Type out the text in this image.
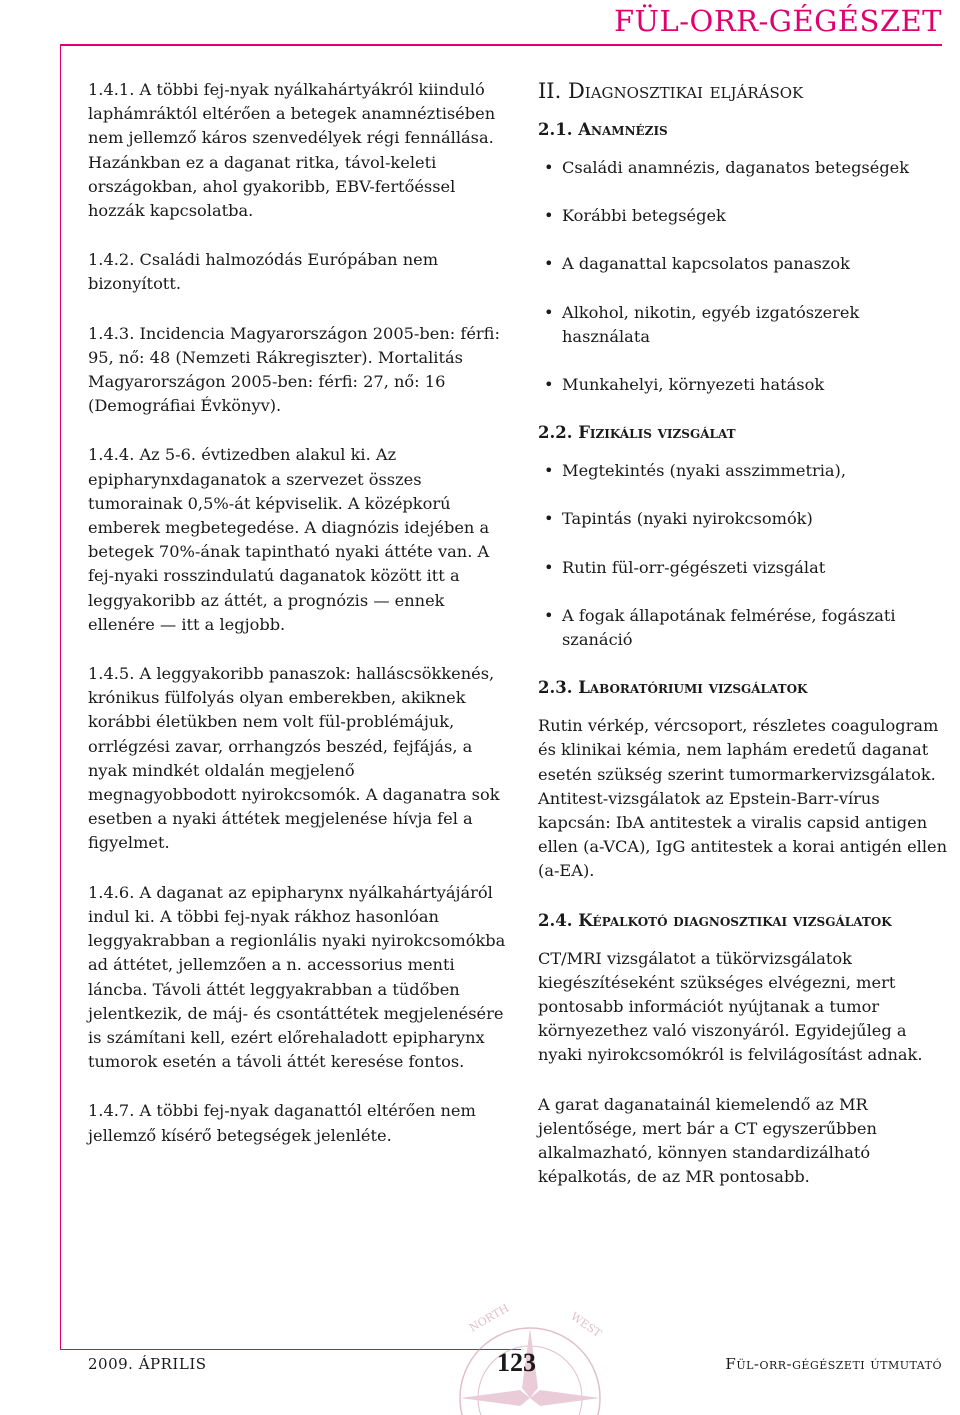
FÜL-ORR-GÉGÉSZET

1.4.1. A többi fej-nyak nyálkahártyákról kiinduló laphámráktól eltérően a betegek anamnéztisében nem jellemző káros szenvedélyek régi fennállása. Hazánkban ez a daganat ritka, távol-keleti országokban, ahol gyakoribb, EBV-fertőéssel hozzák kapcsolatba.

1.4.2. Családi halmozódás Európában nem bizonyított.

1.4.3. Incidencia Magyarországon 2005-ben: férfi: 95, nő: 48 (Nemzeti Rákregiszter). Mortalitás Magyarországon 2005-ben: férfi: 27, nő: 16 (Demográfiai Évkönyv).

1.4.4. Az 5-6. évtizedben alakul ki. Az epipharynxdaganatok a szervezet összes tumorainak 0,5%-át képviselik. A középkorú emberek megbetegedése. A diagnózis idejében a betegek 70%-ának tapintható nyaki áttéte van. A fej-nyaki rosszindulatú daganatok között itt a leggyakoribb az áttét, a prognózis — ennek ellenére — itt a legjobb.

1.4.5. A leggyakoribb panaszok: halláscsökkenés, krónikus fülfolyás olyan emberekben, akiknek korábbi életükben nem volt fül-problémájuk, orrlégzési zavar, orrhangzós beszéd, fejfájás, a nyak mindkét oldalán megjelenő megnagyobbodott nyirokcsomók. A daganatra sok esetben a nyaki áttétek megjelenése hívja fel a figyelmet.

1.4.6. A daganat az epipharynx nyálkahártyájáról indul ki. A többi fej-nyak rákhoz hasonlóan leggyakrabban a regionlális nyaki nyirokcsomókba ad áttétet, jellemzően a n. accessorius menti láncba. Távoli áttét leggyakrabban a tüdőben jelentkezik, de máj- és csontáttétek megjelenésére is számítani kell, ezért előrehaladott epipharynx tumorok esetén a távoli áttét keresése fontos.

1.4.7. A többi fej-nyak daganattól eltérően nem jellemző kísérő betegségek jelenléte.

II. Diagnosztikai eljárások
2.1. Anamnézis
• Családi anamnézis, daganatos betegségek
• Korábbi betegségek
• A daganattal kapcsolatos panaszok
• Alkohol, nikotin, egyéb izgatószerek használata
• Munkahelyi, környezeti hatások
2.2. Fizikális vizsgálat
• Megtekintés (nyaki asszimmetria),
• Tapintás (nyaki nyirokcsomók)
• Rutin fül-orr-gégészeti vizsgálat
• A fogak állapotának felmérése, fogászati szanáció
2.3. Laboratóriumi vizsgálatok

Rutin vérkép, vércsoport, részletes coagulogram és klinikai kémia, nem laphám eredetű daganat esetén szükség szerint tumormarkervizsgálatok. Antitest-vizsgálatok az Epstein-Barr-vírus kapcsán: IbA antitestek a viralis capsid antigen ellen (a-VCA), IgG antitestek a korai antigén ellen (a-EA).

2.4. Képalkotó diagnosztikai vizsgálatok

CT/MRI vizsgálatot a tükörvizsgálatok kiegészítéseként szükséges elvégezni, mert pontosabb információt nyújtanak a tumor környezethez való viszonyáról. Egyidejűleg a nyaki nyirokcsomókról is felvilágosítást adnak.

A garat daganatainál kiemelendő az MR jelentősége, mert bár a CT egyszerűbben alkalmazható, könnyen standardizálható képalkotás, de az MR pontosabb.

NORTH	WEST
2009. ÁPRILIS	123	Fül-orr-gégészeti útmutató
